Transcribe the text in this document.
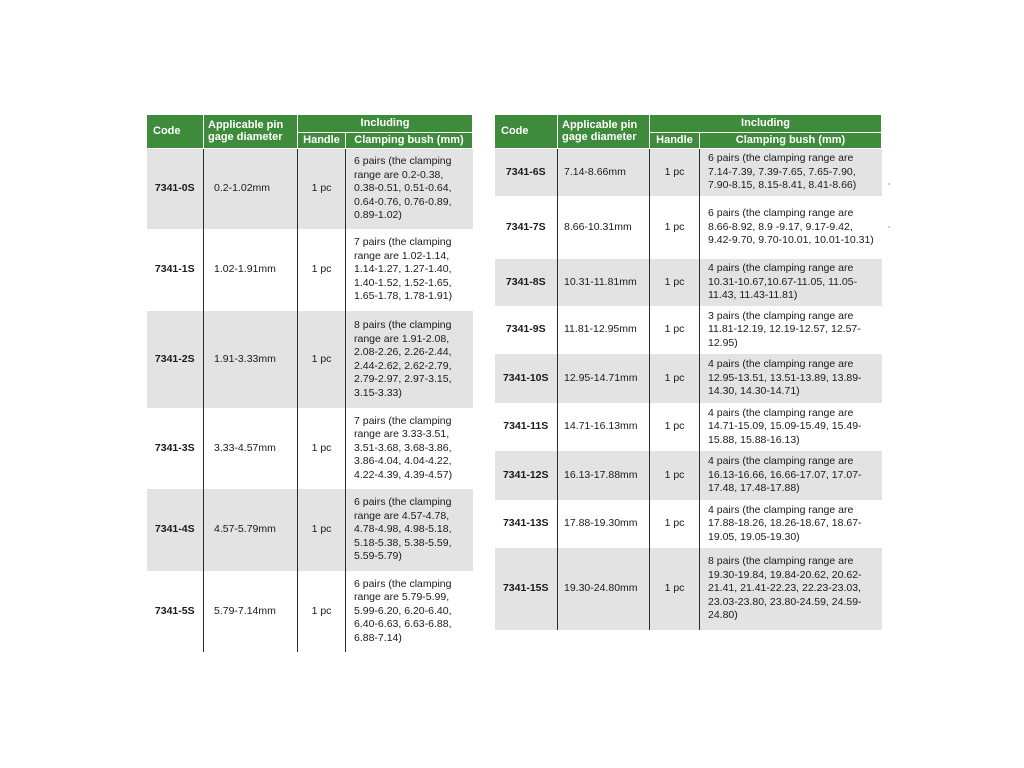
Code	Applicable pin gage diameter	Including	
		Handle	Clamping bush (mm)
7341-0S	0.2-1.02mm	1 pc	6 pairs (the clamping range are 0.2-0.38, 0.38-0.51, 0.51-0.64, 0.64-0.76, 0.76-0.89, 0.89-1.02)
7341-1S	1.02-1.91mm	1 pc	7 pairs (the clamping range are 1.02-1.14, 1.14-1.27, 1.27-1.40, 1.40-1.52, 1.52-1.65, 1.65-1.78, 1.78-1.91)
7341-2S	1.91-3.33mm	1 pc	8 pairs (the clamping range are 1.91-2.08, 2.08-2.26, 2.26-2.44, 2.44-2.62, 2.62-2.79, 2.79-2.97, 2.97-3.15, 3.15-3.33)
7341-3S	3.33-4.57mm	1 pc	7 pairs (the clamping range are 3.33-3.51, 3.51-3.68, 3.68-3.86, 3.86-4.04, 4.04-4.22, 4.22-4.39, 4.39-4.57)
7341-4S	4.57-5.79mm	1 pc	6 pairs (the clamping range are 4.57-4.78, 4.78-4.98, 4.98-5.18, 5.18-5.38, 5.38-5.59, 5.59-5.79)
7341-5S	5.79-7.14mm	1 pc	6 pairs (the clamping range are 5.79-5.99, 5.99-6.20, 6.20-6.40, 6.40-6.63, 6.63-6.88, 6.88-7.14)
Code	Applicable pin gage diameter	Including	
		Handle	Clamping bush (mm)
7341-6S	7.14-8.66mm	1 pc	6 pairs (the clamping range are 7.14-7.39, 7.39-7.65, 7.65-7.90, 7.90-8.15, 8.15-8.41, 8.41-8.66)
7341-7S	8.66-10.31mm	1 pc	6 pairs (the clamping range are 8.66-8.92, 8.9 -9.17, 9.17-9.42, 9.42-9.70, 9.70-10.01, 10.01-10.31)
7341-8S	10.31-11.81mm	1 pc	4 pairs (the clamping range are 10.31-10.67,10.67-11.05, 11.05-11.43, 11.43-11.81)
7341-9S	11.81-12.95mm	1 pc	3 pairs (the clamping range are 11.81-12.19, 12.19-12.57, 12.57-12.95)
7341-10S	12.95-14.71mm	1 pc	4 pairs (the clamping range are 12.95-13.51, 13.51-13.89, 13.89-14.30, 14.30-14.71)
7341-11S	14.71-16.13mm	1 pc	4 pairs (the clamping range are 14.71-15.09, 15.09-15.49, 15.49-15.88, 15.88-16.13)
7341-12S	16.13-17.88mm	1 pc	4 pairs (the clamping range are 16.13-16.66, 16.66-17.07, 17.07-17.48, 17.48-17.88)
7341-13S	17.88-19.30mm	1 pc	4 pairs (the clamping range are 17.88-18.26, 18.26-18.67, 18.67-19.05, 19.05-19.30)
7341-15S	19.30-24.80mm	1 pc	8 pairs (the clamping range are 19.30-19.84, 19.84-20.62, 20.62-21.41, 21.41-22.23, 22.23-23.03, 23.03-23.80, 23.80-24.59, 24.59-24.80)
